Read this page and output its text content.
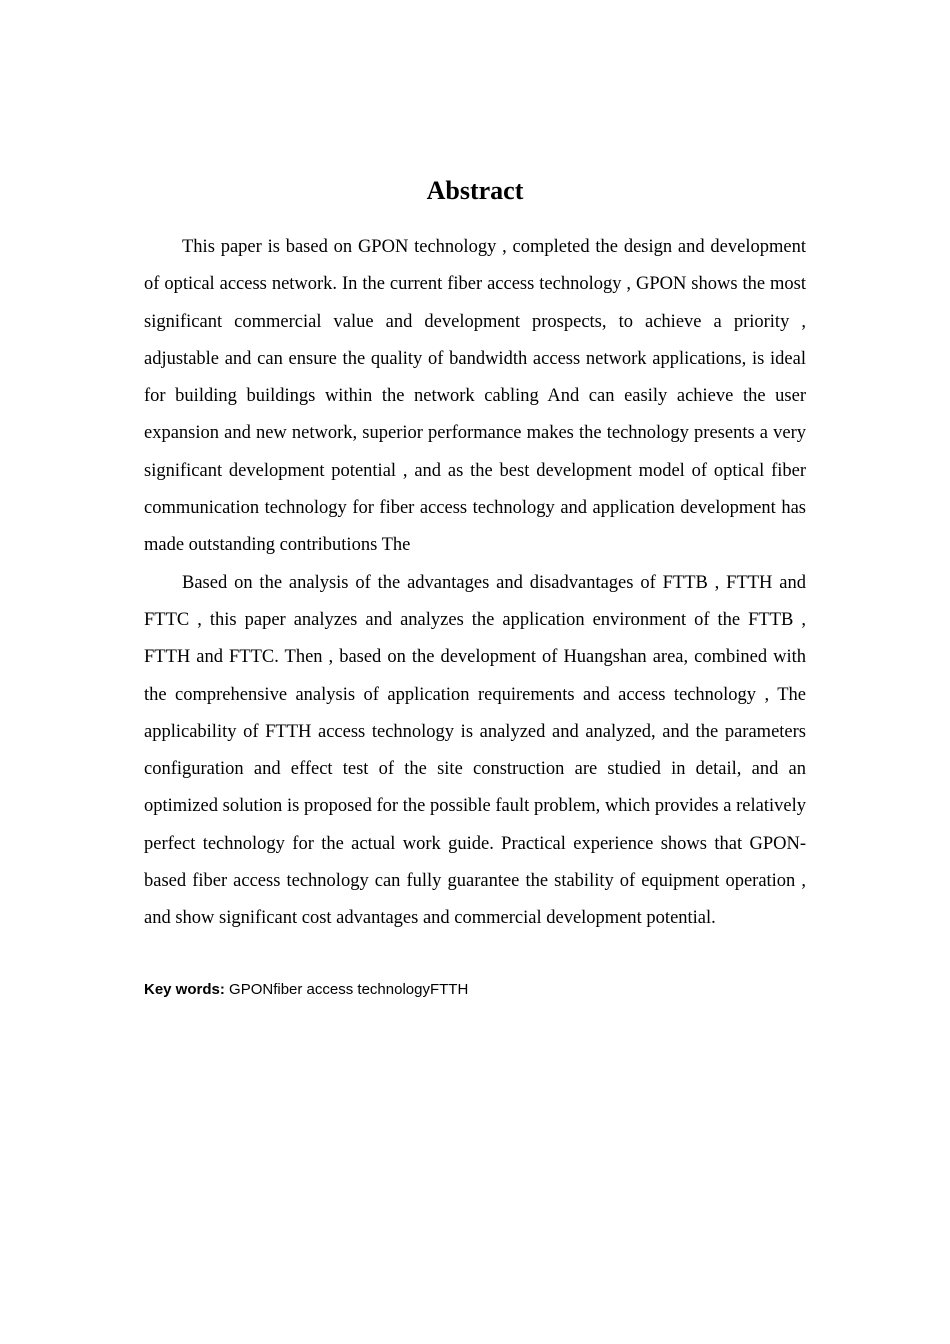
Abstract

This paper is based on GPON technology , completed the design and development of optical access network. In the current fiber access technology , GPON shows the most significant commercial value and development prospects, to achieve a priority , adjustable and can ensure the quality of bandwidth access network applications, is ideal for building buildings within the network cabling And can easily achieve the user expansion and new network, superior performance makes the technology presents a very significant development potential , and as the best development model of optical fiber communication technology for fiber access technology and application development has made outstanding contributions The

Based on the analysis of the advantages and disadvantages of FTTB , FTTH and FTTC , this paper analyzes and analyzes the application environment of the FTTB , FTTH and FTTC. Then , based on the development of Huangshan area, combined with the comprehensive analysis of application requirements and access technology , The applicability of FTTH access technology is analyzed and analyzed, and the parameters configuration and effect test of the site construction are studied in detail, and an optimized solution is proposed for the possible fault problem, which provides a relatively perfect technology for the actual work guide. Practical experience shows that GPON-based fiber access technology can fully guarantee the stability of equipment operation , and show significant cost advantages and commercial development potential.

Key words: GPONfiber access technologyFTTH
